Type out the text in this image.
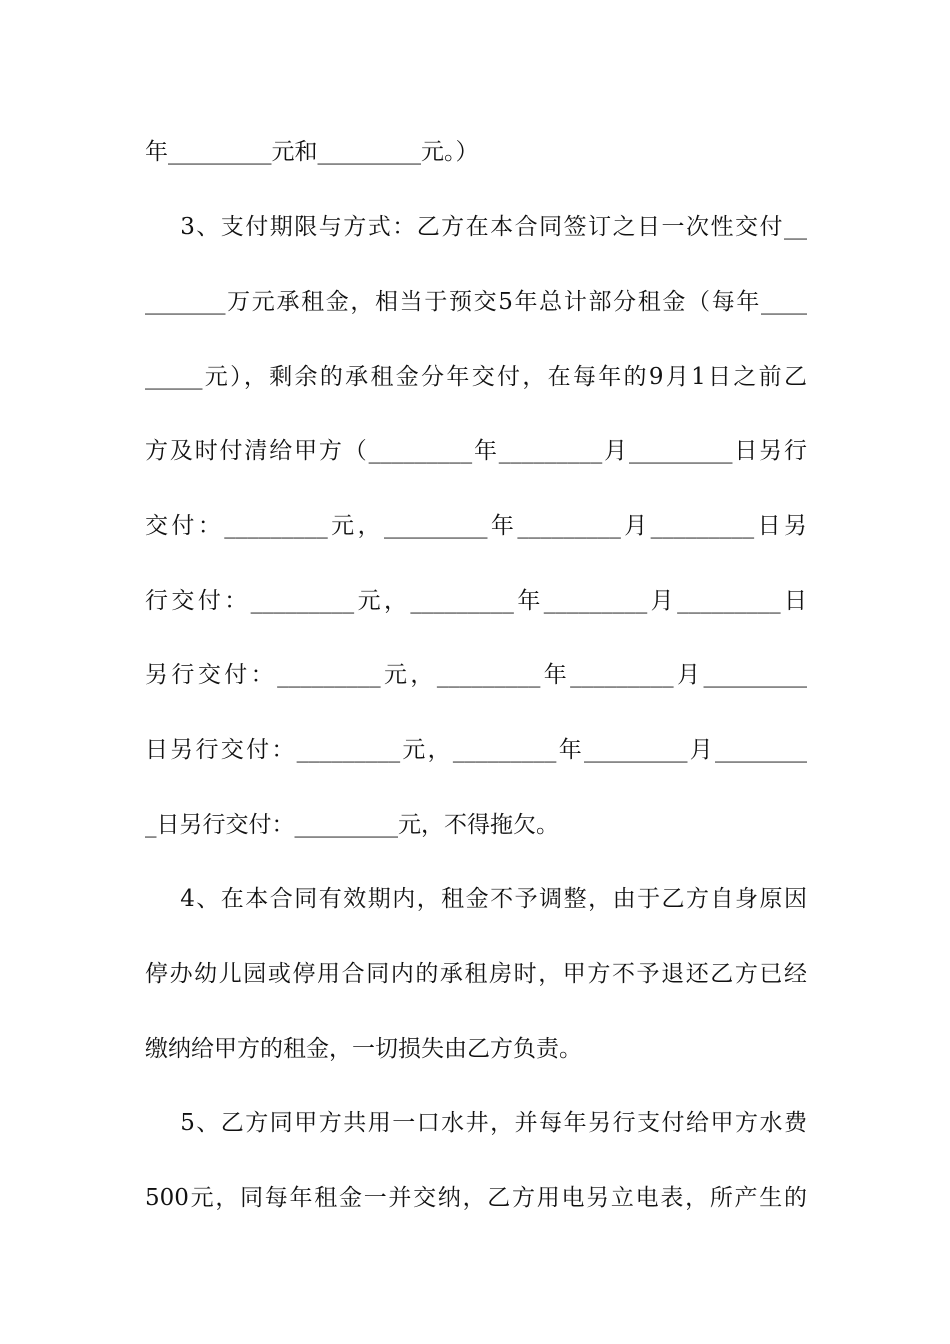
年_________元和_________元。）
3、支付期限与方式：乙方在本合同签订之日一次性交付__
_______万元承租金，相当于预交5年总计部分租金（每年____
_____元），剩余的承租金分年交付，在每年的9月1日之前乙
方及时付清给甲方（_________年_________月_________日另行
交付：_________元，_________年_________月_________日另
行交付：_________元，_________年_________月_________日
另行交付：_________元，_________年_________月_________
日另行交付：_________元，_________年_________月________
_日另行交付：_________元，不得拖欠。
4、在本合同有效期内，租金不予调整，由于乙方自身原因
停办幼儿园或停用合同内的承租房时，甲方不予退还乙方已经
缴纳给甲方的租金，一切损失由乙方负责。
5、乙方同甲方共用一口水井，并每年另行支付给甲方水费
500元，同每年租金一并交纳，乙方用电另立电表，所产生的
